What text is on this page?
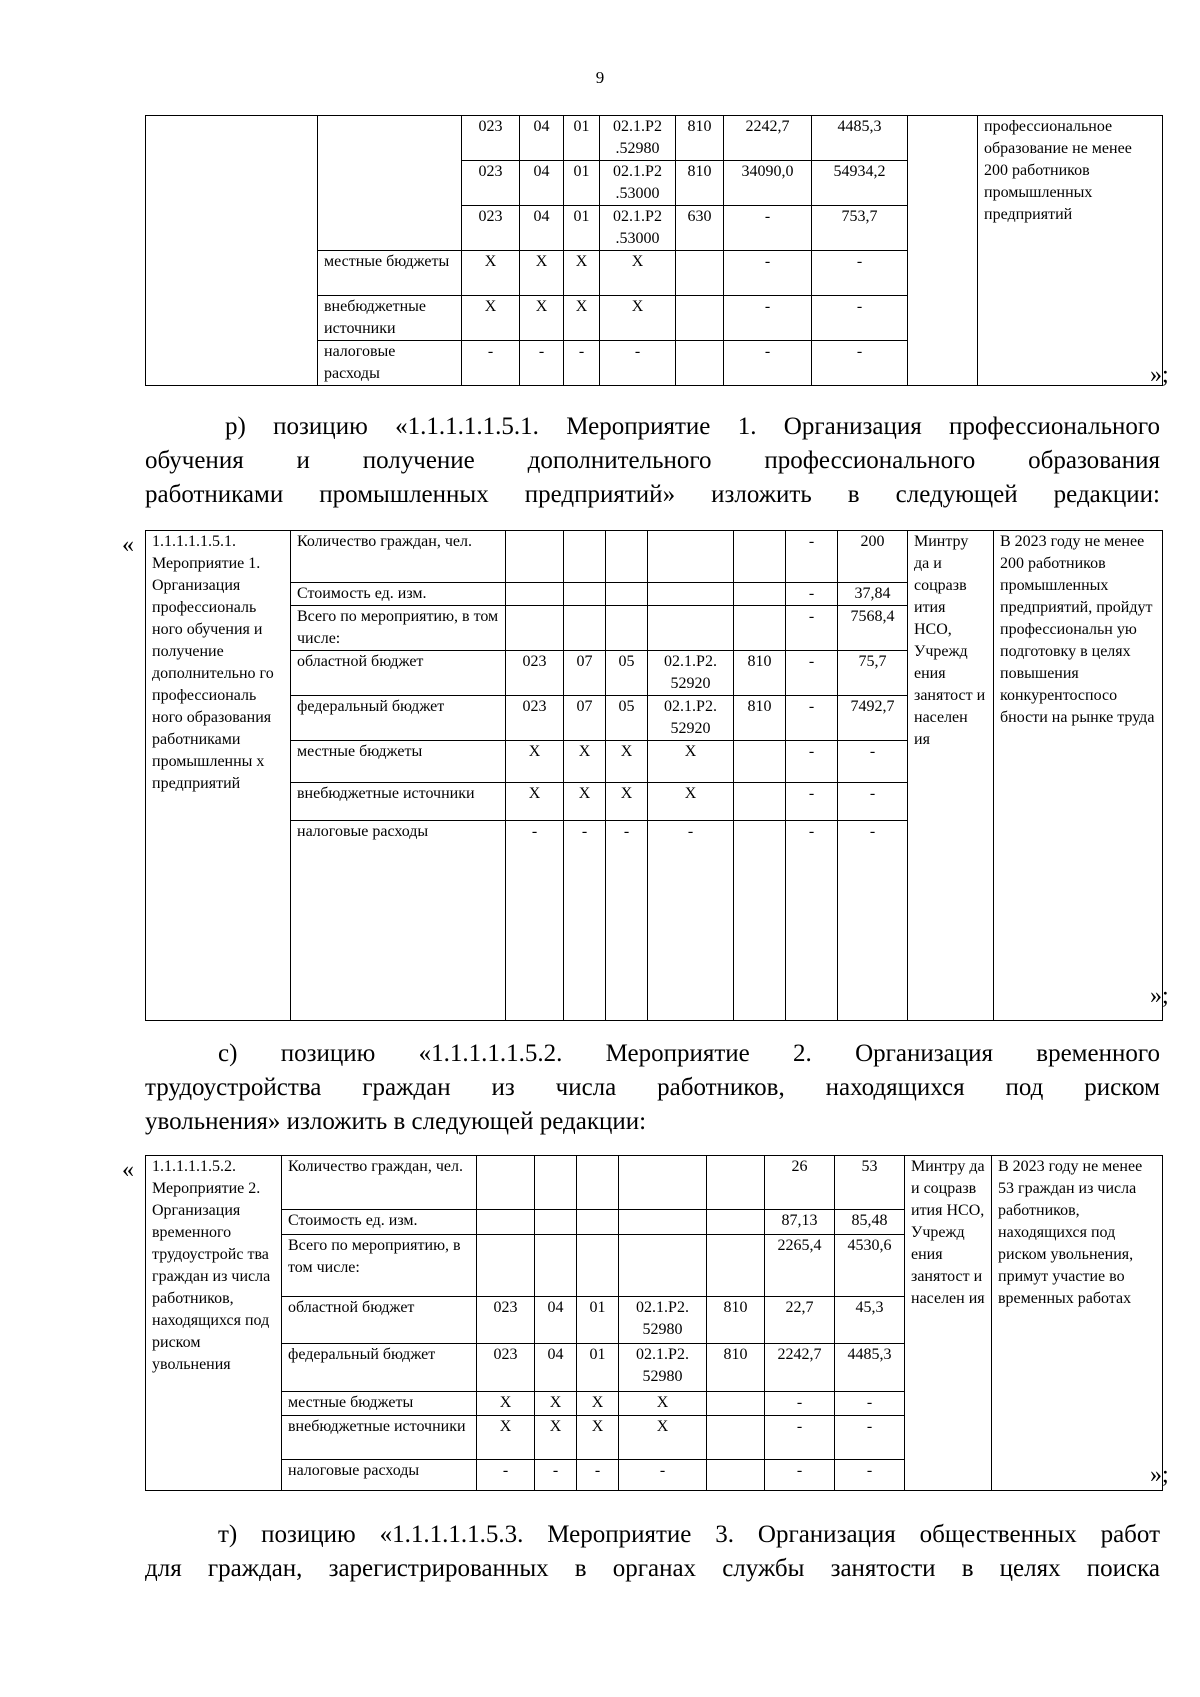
9
		023	04	01	02.1.P2 .52980	810	2242,7	4485,3		профессиональное образование не менее 200 работников промышленных предприятий
		023	04	01	02.1.P2 .53000	810	34090,0	54934,2		
		023	04	01	02.1.P2 .53000	630	-	753,7		
	местные бюджеты	X	X	X	X		-	-		
	внебюджетные источники	X	X	X	X		-	-		
	налоговые расходы	-	-	-	-		-	-		
»;
р) позицию «1.1.1.1.1.5.1. Мероприятие 1. Организация профессионального
обучения и получение дополнительного профессионального образования
работниками промышленных предприятий» изложить в следующей редакции:
« 1.1.1.1.1.5.1. Мероприятие 1. Организация профессиональ ного обучения и получение дополнительно го профессиональ ного образования работниками промышленны х предприятий	Количество граждан, чел.						-	200	Минтру да и соцразв ития НСО, Учрежд ения занятост и населен ия	В 2023 году не менее 200 работников промышленных предприятий, пройдут профессиональн ую подготовку в целях повышения конкурентоспосо бности на рынке труда
	Стоимость ед. изм.						-	37,84		
	Всего по мероприятию, в том числе:						-	7568,4		
	областной бюджет	023	07	05	02.1.P2. 52920	810	-	75,7		
	федеральный бюджет	023	07	05	02.1.P2. 52920	810	-	7492,7		
	местные бюджеты	X	X	X	X		-	-		
	внебюджетные источники	X	X	X	X		-	-		
	налоговые расходы	-	-	-	-		-	-		
»;
с) позицию «1.1.1.1.1.5.2. Мероприятие 2. Организация временного
трудоустройства граждан из числа работников, находящихся под риском
увольнения» изложить в следующей редакции:
« 1.1.1.1.1.5.2. Мероприятие 2. Организация временного трудоустройс тва граждан из числа работников, находящихся под риском увольнения	Количество граждан, чел.						26	53	Минтру да и соцразв ития НСО, Учрежд ения занятост и населен ия	В 2023 году не менее 53 граждан из числа работников, находящихся под риском увольнения, примут участие во временных работах
	Стоимость ед. изм.						87,13	85,48		
	Всего по мероприятию, в том числе:						2265,4	4530,6		
	областной бюджет	023	04	01	02.1.P2. 52980	810	22,7	45,3		
	федеральный бюджет	023	04	01	02.1.P2. 52980	810	2242,7	4485,3		
	местные бюджеты	X	X	X	X		-	-		
	внебюджетные источники	X	X	X	X		-	-		
	налоговые расходы	-	-	-	-		-	-			»;
т) позицию «1.1.1.1.1.5.3. Мероприятие 3. Организация общественных работ
для граждан, зарегистрированных в органах службы занятости в целях поиска
